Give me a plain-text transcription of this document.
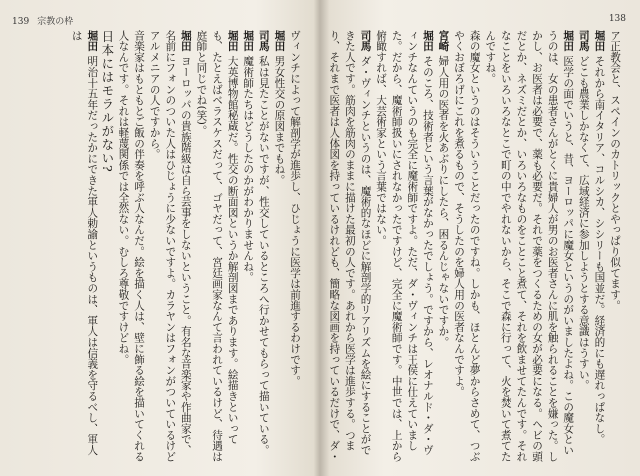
139 宗教の枠

ヴィンチによって解剖学が進歩し、ひじょうに医学は前進するわけです。

堀田男女性交の原図までもね。

司馬私は見たことがないですが、性交しているところへ行かせてもらって描いている。

堀田魔術師たちはどうしたのかがわかりませんね。

堀田大英博物館秘蔵だ。性交の断面図というか解剖図まであります。絵描きといっても、たとえばベラスケスだって、ゴヤだって、宮廷画家なんて言われているけど、待遇は庭師と同じでね(笑)。

堀田ヨーロッパの貴族階級は自ら芸事をしないということ。有名な音楽家や作曲家で、名前にフォンのついた人はひじょうに少ないですよ。カラヤンはフォンがついているけどアルメニアの人ですから。

音楽家はもともとご飯の伴奏を呼ぶ人なんだ。絵を描く人は、壁に飾る絵を描いてくれる人なんです。それは軽蔑関係では全然ない。むしろ尊敬ですけどね。

日本にはモラルがない?

堀田明治十五年だったかにできた軍人勅諭というものは、軍人は信義を守るべし、軍人は

138

ア正教会と、スペインのカトリックとやっぱり似てます。

堀田それから南イタリア、コルシカ、シシリーも国並だ。経済的にも遅れっぱなし。

司馬どこも農業しかなくて、広域経済に参加しようとする意識はうすい。

堀田医学の面でいうと、昔、ヨーロッパに魔女というのがいましたよね。この魔女というのは、女の患者さんがとくに貴婦人が男のお医者さんに肌を触られることを嫌った。しかし、お医者は必要で、薬も必要だ。それで薬をつくるための女が必要になる。ヘビの頭だとか、ネズミだとか、いろいろなものをことこと煮て、それを飲ませてたんです。それなことをいろいろなとこで町の中でやれないから、そこで森に行って、火を焚いて煮てたんですね。

森の魔女というのはそういうことだったのですね。しかも、ほとんど夢からさめて、つぶやくおぼろげにこれを煮るもので、そうしたのを婦人用の医者なんですよ。

宮崎婦人用の医者を火あぶりにしたら、困るんじゃないですか。

堀田そのころ、技術者という言葉がなかったでしょう。ですから、レオナルド・ダ・ヴィンチなんていうのも完全に魔術師ですよ。ただ、ダ・ヴィンチは王侯に仕えていました。だから、魔術師扱いにされなかったですけど、完全に魔術師です。中世では、上から俯瞰すれば、大芸術家という言葉ではない。

司馬ダ・ヴィンチというのは、魔術的なほどに解剖学的リアリズムを絵にすることができた人です。筋肉を筋肉のままに描けた最初の人です。あれから医学は進歩する。つまり、それまで医者は人体図を持っているけれども、簡略な図画を持っているだけで、ダ・
